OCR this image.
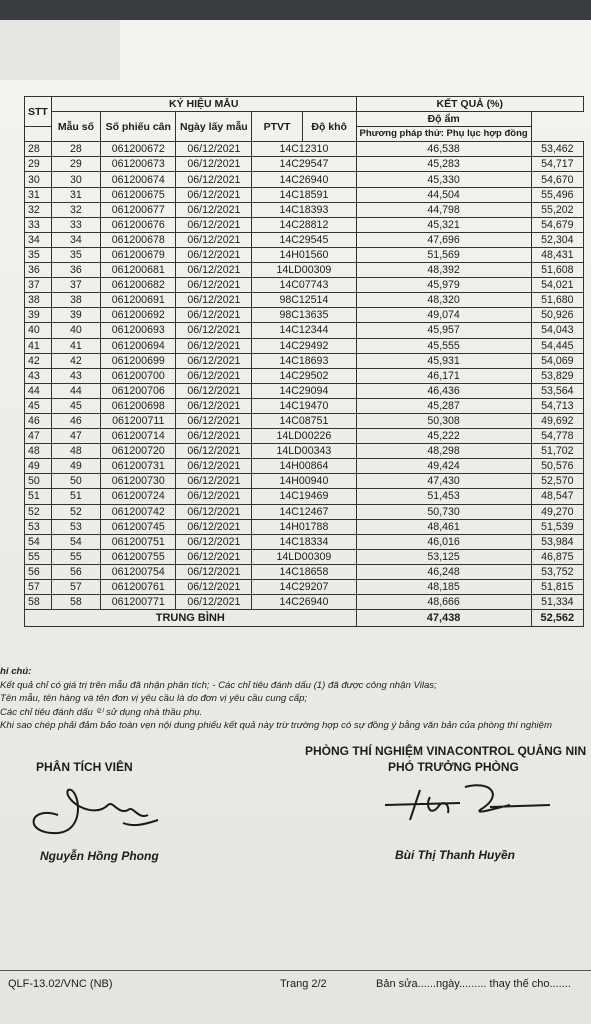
STT	KÝ HIỆU MẪU					KẾT QUẢ (%)	
	Mẫu số	Số phiếu cân	Ngày lấy mẫu	PTVT	Độ khô	Độ ẩm	
						Phương pháp thử: Phụ lục hợp đồng	
28	28	061200672	06/12/2021	14C12310		46,538	53,462
29	29	061200673	06/12/2021	14C29547		45,283	54,717
30	30	061200674	06/12/2021	14C26940		45,330	54,670
31	31	061200675	06/12/2021	14C18591		44,504	55,496
32	32	061200677	06/12/2021	14C18393		44,798	55,202
33	33	061200676	06/12/2021	14C28812		45,321	54,679
34	34	061200678	06/12/2021	14C29545		47,696	52,304
35	35	061200679	06/12/2021	14H01560		51,569	48,431
36	36	061200681	06/12/2021	14LD00309		48,392	51,608
37	37	061200682	06/12/2021	14C07743		45,979	54,021
38	38	061200691	06/12/2021	98C12514		48,320	51,680
39	39	061200692	06/12/2021	98C13635		49,074	50,926
40	40	061200693	06/12/2021	14C12344		45,957	54,043
41	41	061200694	06/12/2021	14C29492		45,555	54,445
42	42	061200699	06/12/2021	14C18693		45,931	54,069
43	43	061200700	06/12/2021	14C29502		46,171	53,829
44	44	061200706	06/12/2021	14C29094		46,436	53,564
45	45	061200698	06/12/2021	14C19470		45,287	54,713
46	46	061200711	06/12/2021	14C08751		50,308	49,692
47	47	061200714	06/12/2021	14LD00226		45,222	54,778
48	48	061200720	06/12/2021	14LD00343		48,298	51,702
49	49	061200731	06/12/2021	14H00864		49,424	50,576
50	50	061200730	06/12/2021	14H00940		47,430	52,570
51	51	061200724	06/12/2021	14C19469		51,453	48,547
52	52	061200742	06/12/2021	14C12467		50,730	49,270
53	53	061200745	06/12/2021	14H01788		48,461	51,539
54	54	061200751	06/12/2021	14C18334		46,016	53,984
55	55	061200755	06/12/2021	14LD00309		53,125	46,875
56	56	061200754	06/12/2021	14C18658		46,248	53,752
57	57	061200761	06/12/2021	14C29207		48,185	51,815
58	58	061200771	06/12/2021	14C26940		48,666	51,334
TRUNG BÌNH						47,438	52,562
hi chú:
Kết quả chỉ có giá trị trên mẫu đã nhận phân tích; - Các chỉ tiêu đánh dấu (1) đã được công nhận Vilas;
Tên mẫu, tên hàng và tên đơn vị yêu cầu là do đơn vị yêu cầu cung cấp;
Các chỉ tiêu đánh dấu ⁽²⁾ sử dụng nhà thầu phụ.
Khi sao chép phải đảm bảo toàn vẹn nội dung phiếu kết quả này trừ trường hợp có sự đồng ý bằng văn bản của phòng thí nghiệm
PHÒNG THÍ NGHIỆM VINACONTROL QUẢNG NIN
PHÂN TÍCH VIÊN	PHÓ TRƯỞNG PHÒNG
Nguyễn Hồng Phong	Bùi Thị Thanh Huyền
QLF-13.02/VNC (NB)	Trang 2/2	Bản sửa......ngày......... thay thế cho.......
